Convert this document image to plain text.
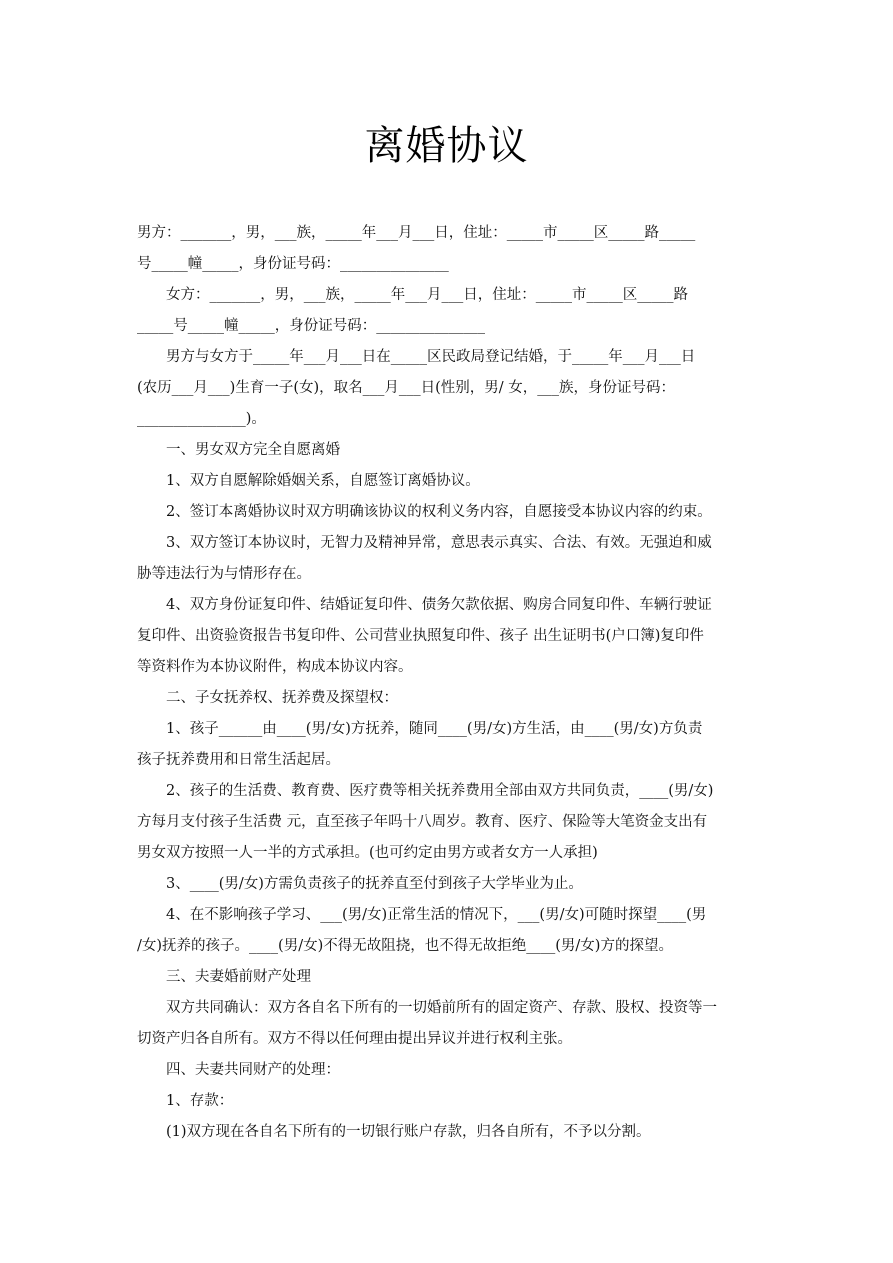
离婚协议

男方：_______，男，___族，_____年___月___日，住址：_____市_____区_____路_____
号_____幢_____，身份证号码：_______________

　　女方：_______，男，___族，_____年___月___日，住址：_____市_____区_____路
_____号_____幢_____，身份证号码：_______________

　　男方与女方于_____年___月___日在_____区民政局登记结婚，于_____年___月___日
(农历___月___)生育一子(女)，取名___月___日(性别，男/ 女，___族，身份证号码：
_______________)。

　　一、男女双方完全自愿离婚

　　1、双方自愿解除婚姻关系，自愿签订离婚协议。

　　2、签订本离婚协议时双方明确该协议的权利义务内容，自愿接受本协议内容的约束。

　　3、双方签订本协议时，无智力及精神异常，意思表示真实、合法、有效。无强迫和威
胁等违法行为与情形存在。

　　4、双方身份证复印件、结婚证复印件、债务欠款依据、购房合同复印件、车辆行驶证
复印件、出资验资报告书复印件、公司营业执照复印件、孩子 出生证明书(户口簿)复印件
等资料作为本协议附件，构成本协议内容。

　　二、子女抚养权、抚养费及探望权：

　　1、孩子______由____(男/女)方抚养，随同____(男/女)方生活，由____(男/女)方负责
孩子抚养费用和日常生活起居。

　　2、孩子的生活费、教育费、医疗费等相关抚养费用全部由双方共同负责，____(男/女)
方每月支付孩子生活费 元，直至孩子年吗十八周岁。教育、医疗、保险等大笔资金支出有
男女双方按照一人一半的方式承担。(也可约定由男方或者女方一人承担)

　　3、____(男/女)方需负责孩子的抚养直至付到孩子大学毕业为止。

　　4、在不影响孩子学习、___(男/女)正常生活的情况下，___(男/女)可随时探望____(男
/女)抚养的孩子。____(男/女)不得无故阻挠，也不得无故拒绝____(男/女)方的探望。

　　三、夫妻婚前财产处理

　　双方共同确认：双方各自名下所有的一切婚前所有的固定资产、存款、股权、投资等一
切资产归各自所有。双方不得以任何理由提出异议并进行权利主张。

　　四、夫妻共同财产的处理：

　　1、存款：

　　(1)双方现在各自名下所有的一切银行账户存款，归各自所有，不予以分割。
